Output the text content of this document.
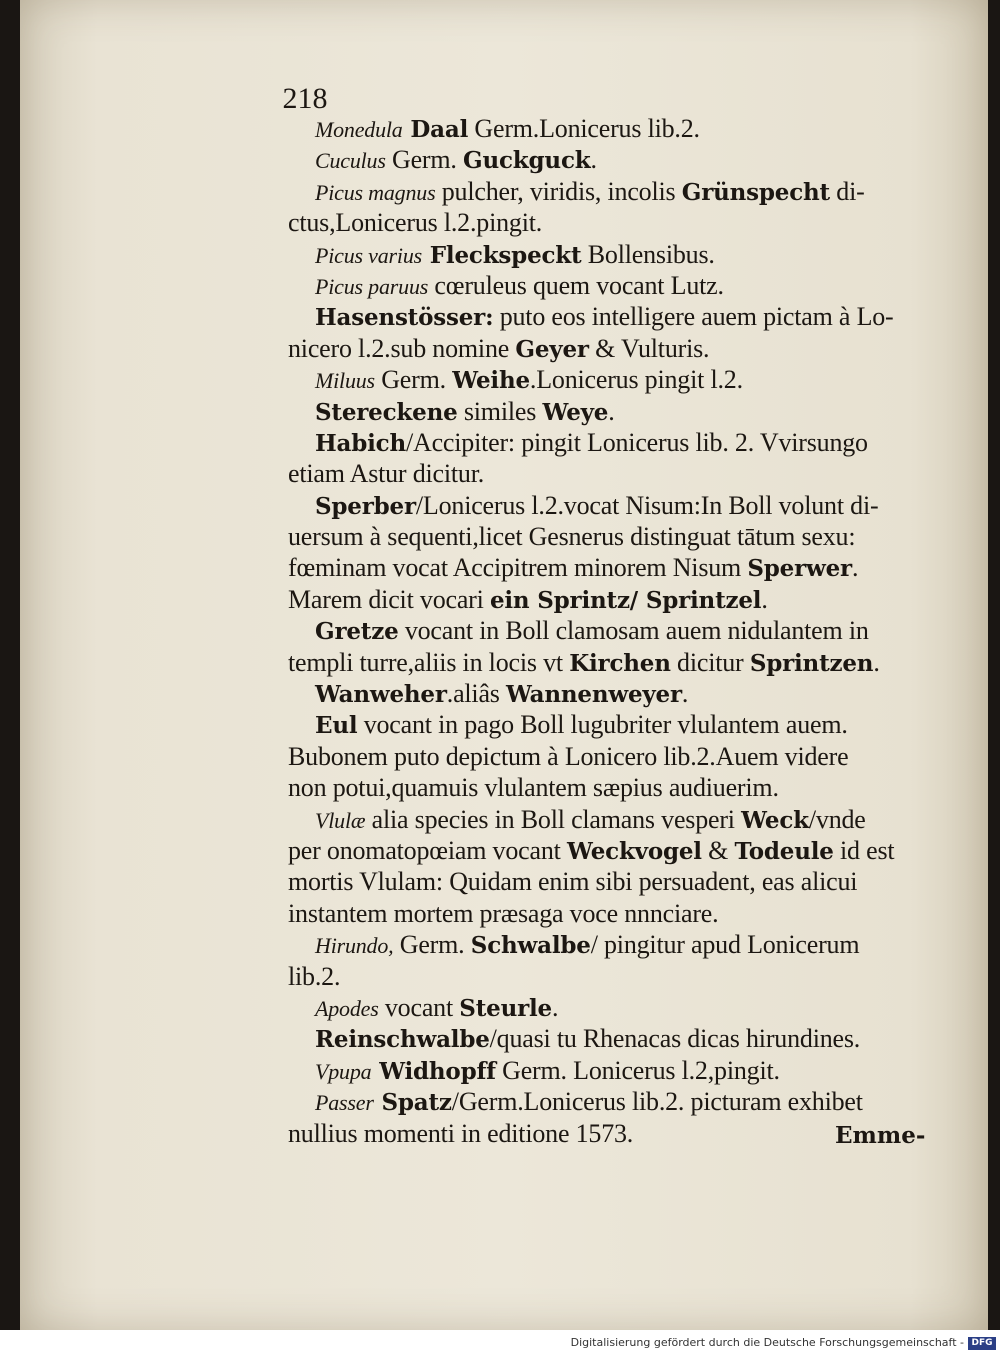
218
Monedula Daal Germ.Lonicerus lib.2.
Cuculus Germ. Guckguck.
Picus magnus pulcher, viridis, incolis Grünspecht di-
ctus,Lonicerus l.2.pingit.
Picus varius Fleckspeckt Bollensibus.
Picus paruus cœruleus quem vocant Lutz.
Hasenstösser: puto eos intelligere auem pictam à Lo-
nicero l.2.sub nomine Geyer & Vulturis.
Miluus Germ. Weihe.Lonicerus pingit l.2.
Stereckene similes Weye.
Habich/Accipiter: pingit Lonicerus lib. 2. Vvirsungo
etiam Astur dicitur.
Sperber/Lonicerus l.2.vocat Nisum:In Boll volunt di-
uersum à sequenti,licet Gesnerus distinguat tātum sexu:
fœminam vocat Accipitrem minorem Nisum Sperwer.
Marem dicit vocari ein Sprintz/ Sprintzel.
Gretze vocant in Boll clamosam auem nidulantem in
templi turre,aliis in locis vt Kirchen dicitur Sprintzen.
Wanweher.aliâs Wannenweyer.
Eul vocant in pago Boll lugubriter vlulantem auem.
Bubonem puto depictum à Lonicero lib.2.Auem videre
non potui,quamuis vlulantem sæpius audiuerim.
Vlulæ alia species in Boll clamans vesperi Weck/vnde
per onomatopœiam vocant Weckvogel & Todeule id est
mortis Vlulam: Quidam enim sibi persuadent, eas alicui
instantem mortem præsaga voce nnnciare.
Hirundo, Germ. Schwalbe/ pingitur apud Lonicerum
lib.2.
Apodes vocant Steurle.
Reinschwalbe/quasi tu Rhenacas dicas hirundines.
Vpupa Widhopff Germ. Lonicerus l.2,pingit.
Passer Spatz/Germ.Lonicerus lib.2. picturam exhibet
nullius momenti in editione 1573.	Emme-
Digitalisierung gefördert durch die Deutsche Forschungsgemeinschaft - DFG
